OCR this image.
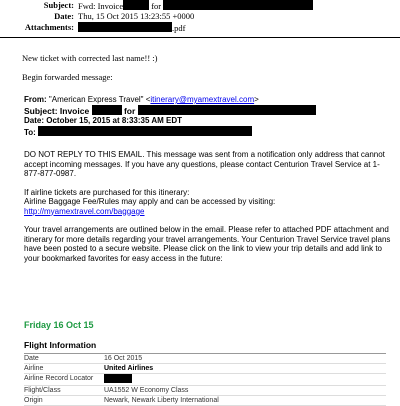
Subject: Fwd: Invoice	for
Date: Thu, 15 Oct 2015 13:23:55 +0000
Attachments:	.pdf
New ticket with corrected last name!! :)
Begin forwarded message:
From: "American Express Travel" <itinerary@myamextravel.com>
Subject: Invoice	for
Date: October 15, 2015 at 8:33:35 AM EDT
To:

DO NOT REPLY TO THIS EMAIL. This message was sent from a notification only address that cannot accept incoming messages. If you have any questions, please contact Centurion Travel Service at 1-877-877-0987.

If airline tickets are purchased for this itinerary:

Airline Baggage Fee/Rules may apply and can be accessed by visiting:

http://myamextravel.com/baggage

Your travel arrangements are outlined below in the email. Please refer to attached PDF attachment and itinerary for more details regarding your travel arrangements. Your Centurion Travel Service travel plans have been posted to a secure website. Please click on the link to view your trip details and add link to your bookmarked favorites for easy access in the future:

Friday 16 Oct 15
Flight Information
Date	16 Oct 2015
Airline	United Airlines
Airline Record Locator
Flight/Class	UA1552 W Economy Class
Origin	Newark, Newark Liberty International
